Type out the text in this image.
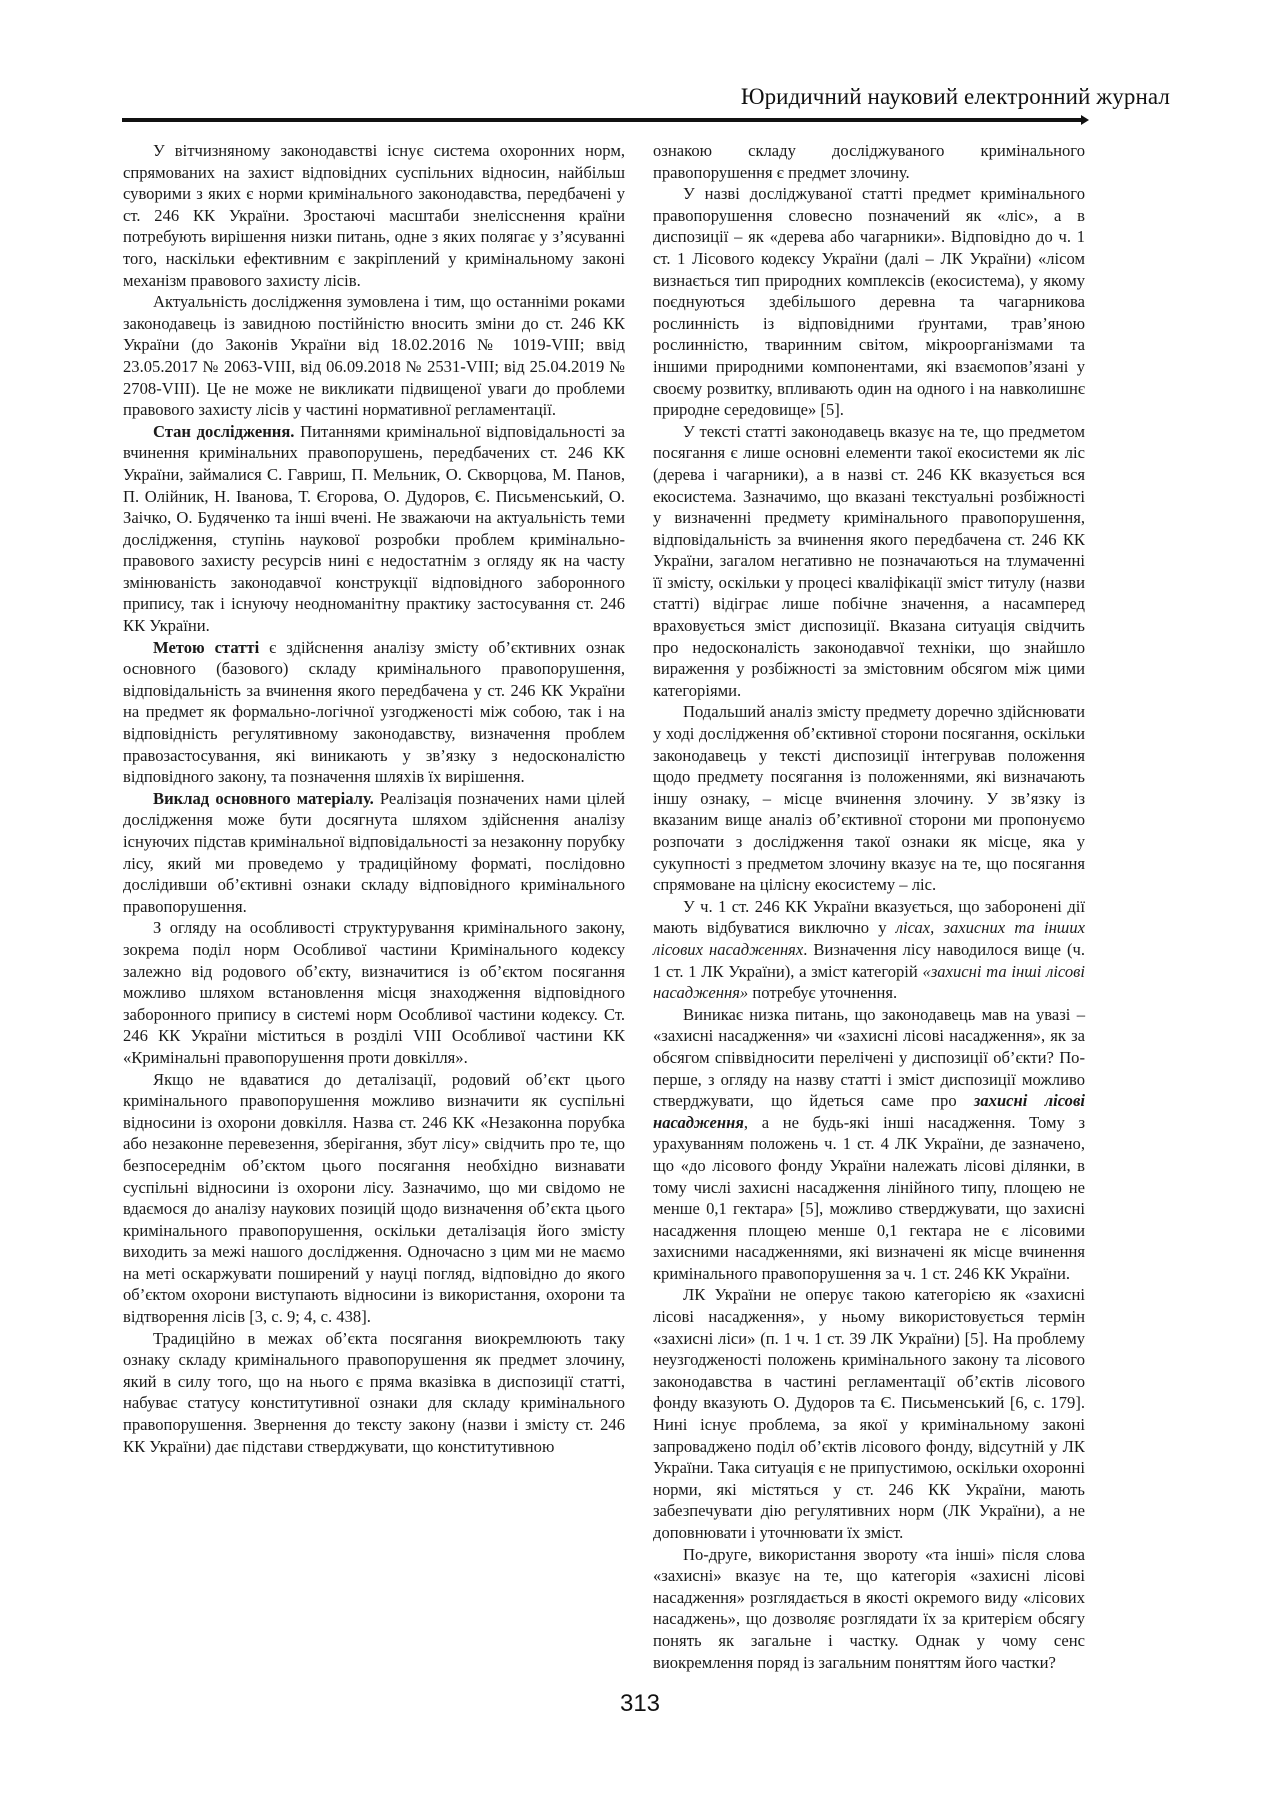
Юридичний науковий електронний журнал

У вітчизняному законодавстві існує система охоронних норм, спрямованих на захист відповідних суспільних відносин, найбільш суворими з яких є норми кримінального законодавства, передбачені у ст. 246 КК України. Зростаючі масштаби знелісснення країни потребують вирішення низки питань, одне з яких полягає у з’ясуванні того, наскільки ефективним є закріплений у кримінальному законі механізм правового захисту лісів.

Актуальність дослідження зумовлена і тим, що останніми роками законодавець із завидною постійністю вносить зміни до ст. 246 КК України (до Законів України від 18.02.2016 № 1019-VIII; ввід 23.05.2017 № 2063-VIII, від 06.09.2018 № 2531-VIII; від 25.04.2019 № 2708-VIII). Це не може не викликати підвищеної уваги до проблеми правового захисту лісів у частині нормативної регламентації.

Стан дослідження. Питаннями кримінальної відповідальності за вчинення кримінальних правопорушень, передбачених ст. 246 КК України, займалися С. Гавриш, П. Мельник, О. Скворцова, М. Панов, П. Олійник, Н. Іванова, Т. Єгорова, О. Дудоров, Є. Письменський, О. Заічко, О. Будяченко та інші вчені. Не зважаючи на актуальність теми дослідження, ступінь наукової розробки проблем кримінально-правового захисту ресурсів нині є недостатнім з огляду як на часту змінюваність законодавчої конструкції відповідного заборонного припису, так і існуючу неодноманітну практику застосування ст. 246 КК України.

Метою статті є здійснення аналізу змісту об’єктивних ознак основного (базового) складу кримінального правопорушення, відповідальність за вчинення якого передбачена у ст. 246 КК України на предмет як формально-логічної узгодженості між собою, так і на відповідність регулятивному законодавству, визначення проблем правозастосування, які виникають у зв’язку з недосконалістю відповідного закону, та позначення шляхів їх вирішення.

Виклад основного матеріалу. Реалізація позначених нами цілей дослідження може бути досягнута шляхом здійснення аналізу існуючих підстав кримінальної відповідальності за незаконну порубку лісу, який ми проведемо у традиційному форматі, послідовно дослідивши об’єктивні ознаки складу відповідного кримінального правопорушення.

З огляду на особливості структурування кримінального закону, зокрема поділ норм Особливої частини Кримінального кодексу залежно від родового об’єкту, визначитися із об’єктом посягання можливо шляхом встановлення місця знаходження відповідного заборонного припису в системі норм Особливої частини кодексу. Ст. 246 КК України міститься в розділі VIII Особливої частини КК «Кримінальні правопорушення проти довкілля».

Якщо не вдаватися до деталізації, родовий об’єкт цього кримінального правопорушення можливо визначити як суспільні відносини із охорони довкілля. Назва ст. 246 КК «Незаконна порубка або незаконне перевезення, зберігання, збут лісу» свідчить про те, що безпосереднім об’єктом цього посягання необхідно визнавати суспільні відносини із охорони лісу. Зазначимо, що ми свідомо не вдаємося до аналізу наукових позицій щодо визначення об’єкта цього кримінального правопорушення, оскільки деталізація його змісту виходить за межі нашого дослідження. Одночасно з цим ми не маємо на меті оскаржувати поширений у науці погляд, відповідно до якого об’єктом охорони виступають відносини із використання, охорони та відтворення лісів [3, с. 9; 4, с. 438].

Традиційно в межах об’єкта посягання виокремлюють таку ознаку складу кримінального правопорушення як предмет злочину, який в силу того, що на нього є пряма вказівка в диспозиції статті, набуває статусу конститутивної ознаки для складу кримінального правопорушення. Звернення до тексту закону (назви і змісту ст. 246 КК України) дає підстави стверджувати, що конститутивною

ознакою складу досліджуваного кримінального правопорушення є предмет злочину.

У назві досліджуваної статті предмет кримінального правопорушення словесно позначений як «ліс», а в диспозиції – як «дерева або чагарники». Відповідно до ч. 1 ст. 1 Лісового кодексу України (далі – ЛК України) «лісом визнається тип природних комплексів (екосистема), у якому поєднуються здебільшого деревна та чагарникова рослинність із відповідними ґрунтами, трав’яною рослинністю, тваринним світом, мікроорганізмами та іншими природними компонентами, які взаємопов’язані у своєму розвитку, впливають один на одного і на навколишнє природне середовище» [5].

У тексті статті законодавець вказує на те, що предметом посягання є лише основні елементи такої екосистеми як ліс (дерева і чагарники), а в назві ст. 246 КК вказується вся екосистема. Зазначимо, що вказані текстуальні розбіжності у визначенні предмету кримінального правопорушення, відповідальність за вчинення якого передбачена ст. 246 КК України, загалом негативно не позначаються на тлумаченні її змісту, оскільки у процесі кваліфікації зміст титулу (назви статті) відіграє лише побічне значення, а насамперед враховується зміст диспозиції. Вказана ситуація свідчить про недосконалість законодавчої техніки, що знайшло вираження у розбіжності за змістовним обсягом між цими категоріями.

Подальший аналіз змісту предмету доречно здійснювати у ході дослідження об’єктивної сторони посягання, оскільки законодавець у тексті диспозиції інтегрував положення щодо предмету посягання із положеннями, які визначають іншу ознаку, – місце вчинення злочину. У зв’язку із вказаним вище аналіз об’єктивної сторони ми пропонуємо розпочати з дослідження такої ознаки як місце, яка у сукупності з предметом злочину вказує на те, що посягання спрямоване на цілісну екосистему – ліс.

У ч. 1 ст. 246 КК України вказується, що заборонені дії мають відбуватися виключно у лісах, захисних та інших лісових насадженнях. Визначення лісу наводилося вище (ч. 1 ст. 1 ЛК України), а зміст категорій «захисні та інші лісові насадження» потребує уточнення.

Виникає низка питань, що законодавець мав на увазі – «захисні насадження» чи «захисні лісові насадження», як за обсягом співвідносити перелічені у диспозиції об’єкти? По-перше, з огляду на назву статті і зміст диспозиції можливо стверджувати, що йдеться саме про захисні лісові насадження, а не будь-які інші насадження. Тому з урахуванням положень ч. 1 ст. 4 ЛК України, де зазначено, що «до лісового фонду України належать лісові ділянки, в тому числі захисні насадження лінійного типу, площею не менше 0,1 гектара» [5], можливо стверджувати, що захисні насадження площею менше 0,1 гектара не є лісовими захисними насадженнями, які визначені як місце вчинення кримінального правопорушення за ч. 1 ст. 246 КК України.

ЛК України не оперує такою категорією як «захисні лісові насадження», у ньому використовується термін «захисні ліси» (п. 1 ч. 1 ст. 39 ЛК України) [5]. На проблему неузгодженості положень кримінального закону та лісового законодавства в частині регламентації об’єктів лісового фонду вказують О. Дудоров та Є. Письменський [6, с. 179]. Нині існує проблема, за якої у кримінальному законі запроваджено поділ об’єктів лісового фонду, відсутній у ЛК України. Така ситуація є не припустимою, оскільки охоронні норми, які містяться у ст. 246 КК України, мають забезпечувати дію регулятивних норм (ЛК України), а не доповнювати і уточнювати їх зміст.

По-друге, використання звороту «та інші» після слова «захисні» вказує на те, що категорія «захисні лісові насадження» розглядається в якості окремого виду «лісових насаджень», що дозволяє розглядати їх за критерієм обсягу понять як загальне і частку. Однак у чому сенс виокремлення поряд із загальним поняттям його частки?

313
